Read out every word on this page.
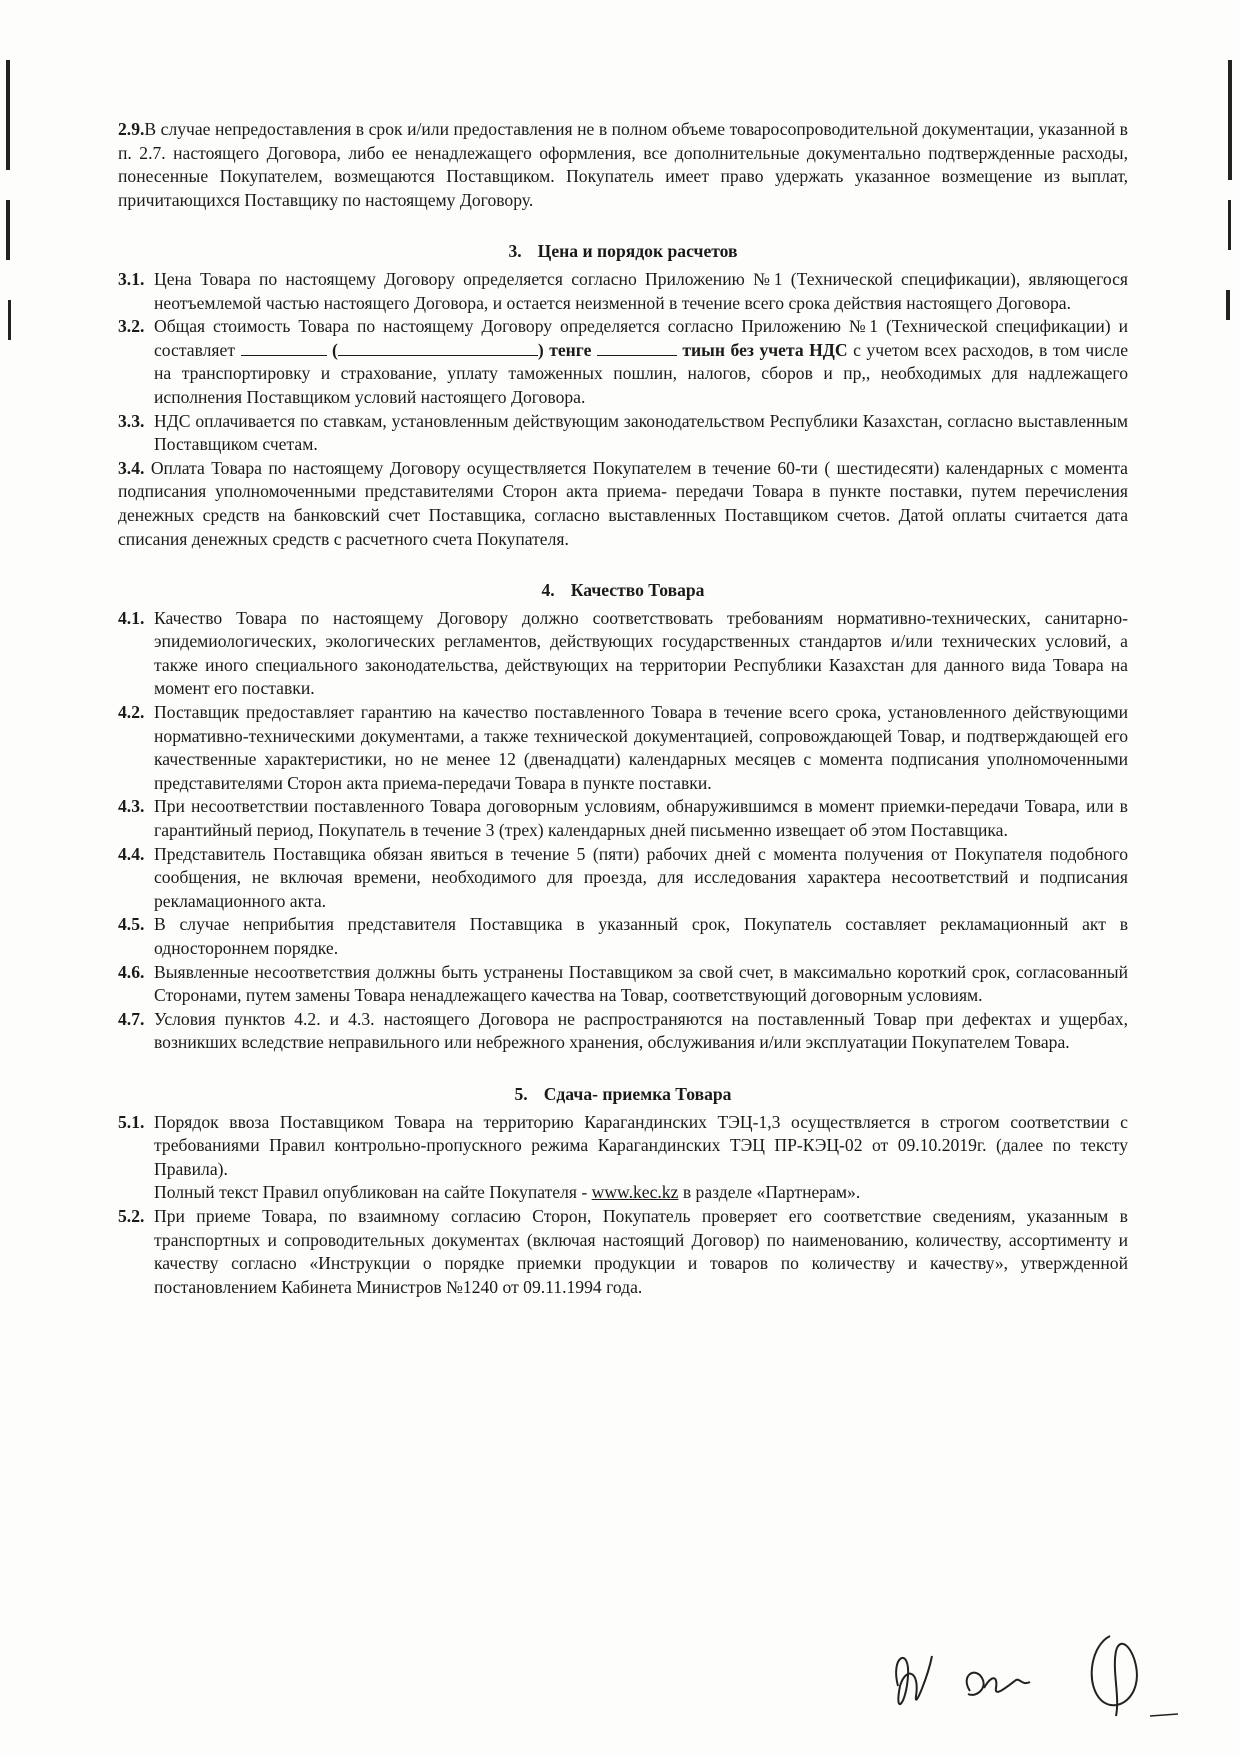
2.9.В случае непредоставления в срок и/или предоставления не в полном объеме товаросопроводительной документации, указанной в п. 2.7. настоящего Договора, либо ее ненадлежащего оформления, все дополнительные документально подтвержденные расходы, понесенные Покупателем, возмещаются Поставщиком. Покупатель имеет право удержать указанное возмещение из выплат, причитающихся Поставщику по настоящему Договору.

3. Цена и порядок расчетов
3.1. Цена Товара по настоящему Договору определяется согласно Приложению №1 (Технической спецификации), являющегося неотъемлемой частью настоящего Договора, и остается неизменной в течение всего срока действия настоящего Договора.
3.2. Общая стоимость Товара по настоящему Договору определяется согласно Приложению №1 (Технической спецификации) и составляет	(	) тенге	тиын без учета НДС с учетом всех расходов, в том числе на транспортировку и страхование, уплату таможенных пошлин, налогов, сборов и пр,, необходимых для надлежащего исполнения Поставщиком условий настоящего Договора.
3.3. НДС оплачивается по ставкам, установленным действующим законодательством Республики Казахстан, согласно выставленным Поставщиком счетам.

3.4. Оплата Товара по настоящему Договору осуществляется Покупателем в течение 60-ти ( шестидесяти) календарных с момента подписания уполномоченными представителями Сторон акта приема- передачи Товара в пункте поставки, путем перечисления денежных средств на банковский счет Поставщика, согласно выставленных Поставщиком счетов. Датой оплаты считается дата списания денежных средств с расчетного счета Покупателя.

4. Качество Товара
4.1. Качество Товара по настоящему Договору должно соответствовать требованиям нормативно-технических, санитарно-эпидемиологических, экологических регламентов, действующих государственных стандартов и/или технических условий, а также иного специального законодательства, действующих на территории Республики Казахстан для данного вида Товара на момент его поставки.
4.2. Поставщик предоставляет гарантию на качество поставленного Товара в течение всего срока, установленного действующими нормативно-техническими документами, а также технической документацией, сопровождающей Товар, и подтверждающей его качественные характеристики, но не менее 12 (двенадцати) календарных месяцев с момента подписания уполномоченными представителями Сторон акта приема-передачи Товара в пункте поставки.
4.3. При несоответствии поставленного Товара договорным условиям, обнаружившимся в момент приемки-передачи Товара, или в гарантийный период, Покупатель в течение 3 (трех) календарных дней письменно извещает об этом Поставщика.
4.4. Представитель Поставщика обязан явиться в течение 5 (пяти) рабочих дней с момента получения от Покупателя подобного сообщения, не включая времени, необходимого для проезда, для исследования характера несоответствий и подписания рекламационного акта.
4.5. В случае неприбытия представителя Поставщика в указанный срок, Покупатель составляет рекламационный акт в одностороннем порядке.
4.6. Выявленные несоответствия должны быть устранены Поставщиком за свой счет, в максимально короткий срок, согласованный Сторонами, путем замены Товара ненадлежащего качества на Товар, соответствующий договорным условиям.
4.7. Условия пунктов 4.2. и 4.3. настоящего Договора не распространяются на поставленный Товар при дефектах и ущербах, возникших вследствие неправильного или небрежного хранения, обслуживания и/или эксплуатации Покупателем Товара.
5. Сдача- приемка Товара
5.1. Порядок ввоза Поставщиком Товара на территорию Карагандинских ТЭЦ-1,3 осуществляется в строгом соответствии с требованиями Правил контрольно-пропускного режима Карагандинских ТЭЦ ПР-КЭЦ-02 от 09.10.2019г. (далее по тексту Правила).
Полный текст Правил опубликован на сайте Покупателя - www.kec.kz в разделе «Партнерам».
5.2. При приеме Товара, по взаимному согласию Сторон, Покупатель проверяет его соответствие сведениям, указанным в транспортных и сопроводительных документах (включая настоящий Договор) по наименованию, количеству, ассортименту и качеству согласно «Инструкции о порядке приемки продукции и товаров по количеству и качеству», утвержденной постановлением Кабинета Министров №1240 от 09.11.1994 года.
